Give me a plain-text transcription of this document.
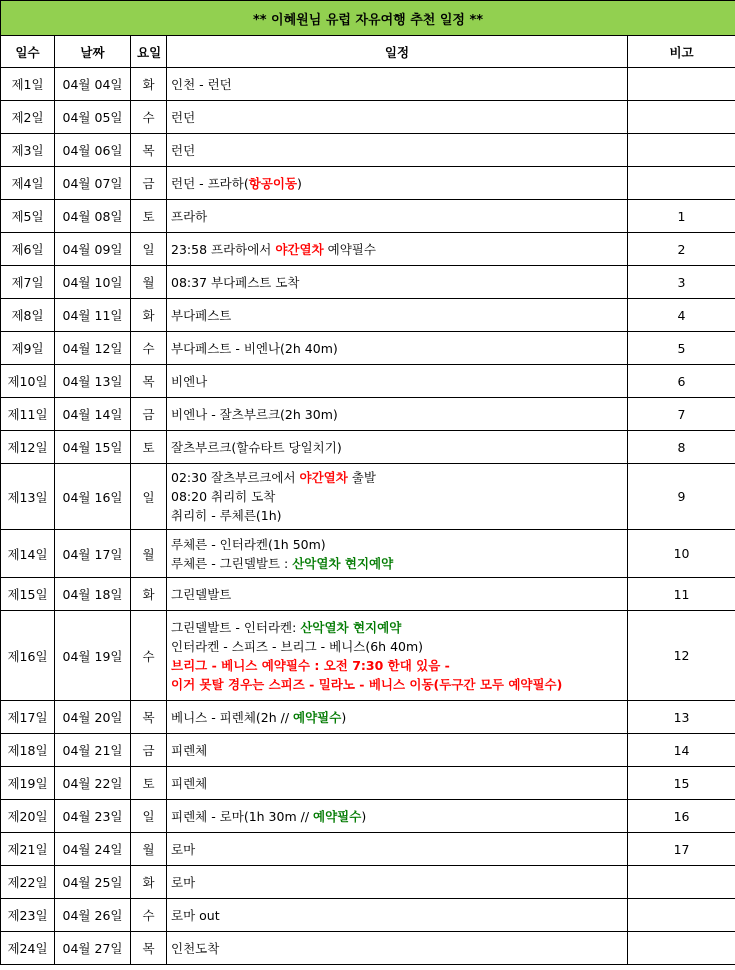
** 이혜원님 유럽 자유여행 추천 일정 **				
일수	날짜	요일	일정	비고
제1일	04월 04일	화	인천 - 런던	

제2일	04월 05일	수	런던	

제3일	04월 06일	목	런던	

제4일	04월 07일	금	런던 - 프라하(항공이동)	

제5일	04월 08일	토	프라하	1
제6일	04월 09일	일	23:58 프라하에서 야간열차 예약필수	2
제7일	04월 10일	월	08:37 부다페스트 도착	3
제8일	04월 11일	화	부다페스트	4
제9일	04월 12일	수	부다페스트 - 비엔나(2h 40m)	5
제10일	04월 13일	목	비엔나	6
제11일	04월 14일	금	비엔나 - 잘츠부르크(2h 30m)	7
제12일	04월 15일	토	잘츠부르크(할슈타트 당일치기)	8
제13일	04월 16일	일	02:30 잘츠부르크에서 야간열차 출발
08:20 취리히 도착
취리히 - 루체른(1h)	9
제14일	04월 17일	월	루체른 - 인터라켄(1h 50m)
루체른 - 그린델발트 : 산악열차 현지예약	10
제15일	04월 18일	화	그린델발트	11
제16일	04월 19일	수	그린델발트 - 인터라켄: 산악열차 현지예약
인터라켄 - 스피즈 - 브리그 - 베니스(6h 40m)
브리그 - 베니스 예약필수 : 오전 7:30 한대 있음 -
이거 못탈 경우는 스피즈 - 밀라노 - 베니스 이동(두구간 모두 예약필수)	12
제17일	04월 20일	목	베니스 - 피렌체(2h // 예약필수)	13
제18일	04월 21일	금	피렌체	14
제19일	04월 22일	토	피렌체	15
제20일	04월 23일	일	피렌체 - 로마(1h 30m // 예약필수)	16
제21일	04월 24일	월	로마	17
제22일	04월 25일	화	로마	

제23일	04월 26일	수	로마 out	

제24일	04월 27일	목	인천도착	
